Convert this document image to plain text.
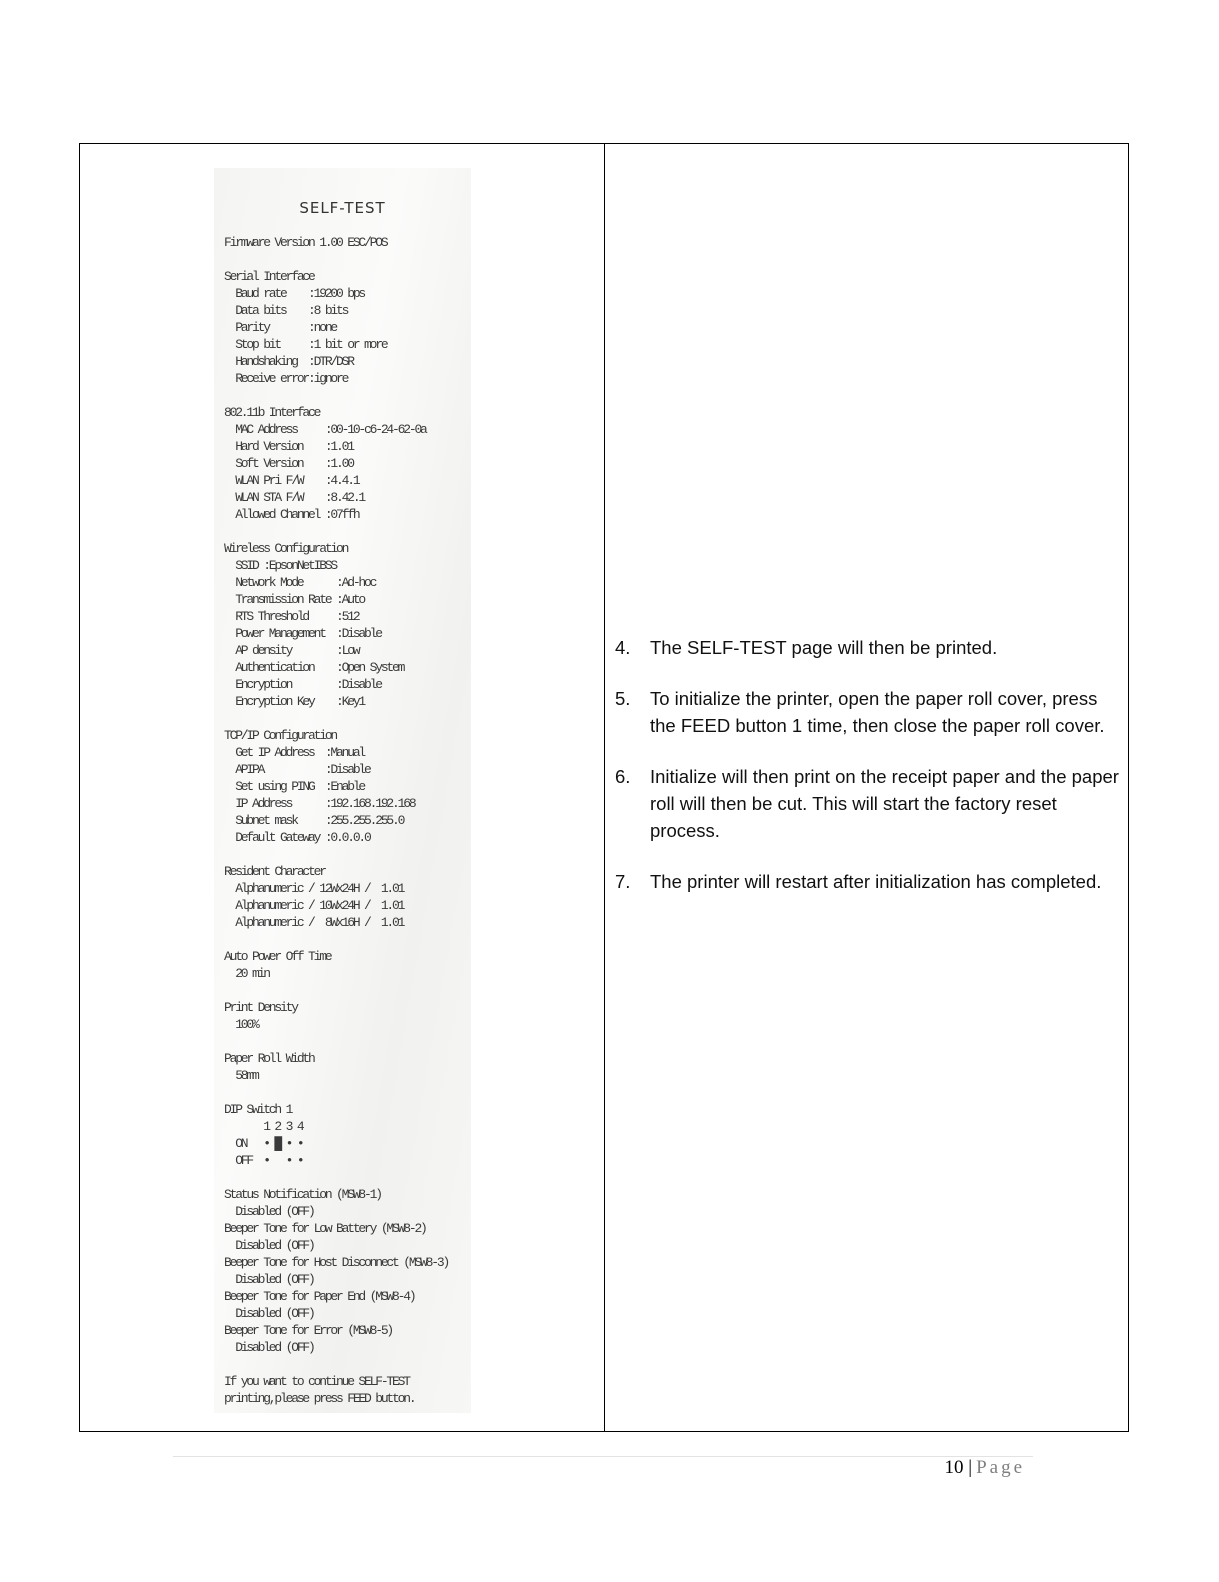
SELF-TEST
Firmware Version 1.00 ESC/POS
Serial Interface
Baud rate    :19200 bps
Data bits    :8 bits
Parity       :none
Stop bit     :1 bit or more
Handshaking  :DTR/DSR
Receive error:ignore
802.11b Interface
MAC Address     :00-10-c6-24-62-0a
Hard Version    :1.01
Soft Version    :1.00
WLAN Pri F/W    :4.4.1
WLAN STA F/W    :8.42.1
Allowed Channel :07ffh
Wireless Configuration
SSID :EpsonNetIBSS
Network Mode      :Ad-hoc
Transmission Rate :Auto
RTS Threshold     :512
Power Management  :Disable
AP density        :Low
Authentication    :Open System
Encryption        :Disable
Encryption Key    :Key1
TCP/IP Configuration
Get IP Address  :Manual
APIPA           :Disable
Set using PING  :Enable
IP Address      :192.168.192.168
Subnet mask     :255.255.255.0
Default Gateway :0.0.0.0
Resident Character
Alphanumeric / 12Wx24H /  1.01
Alphanumeric / 10Wx24H /  1.01
Alphanumeric /  8Wx16H /  1.01
Auto Power Off Time
20 min
Print Density
100%
Paper Roll Width
58mm
DIP Switch 1
1 2 3 4
ON   • █ • •
OFF  •   • •
Status Notification (MSW8-1)
Disabled (OFF)
Beeper Tone for Low Battery (MSW8-2)
Disabled (OFF)
Beeper Tone for Host Disconnect (MSW8-3)
Disabled (OFF)
Beeper Tone for Paper End (MSW8-4)
Disabled (OFF)
Beeper Tone for Error (MSW8-5)
Disabled (OFF)
If you want to continue SELF-TEST
printing,please press FEED button.
4.	The SELF-TEST page will then be printed.
5.	To initialize the printer, open the paper roll cover, press the FEED button 1 time, then close the paper roll cover.
6.	Initialize will then print on the receipt paper and the paper roll will then be cut. This will start the factory reset process.
7.	The printer will restart after initialization has completed.
10 | Page
